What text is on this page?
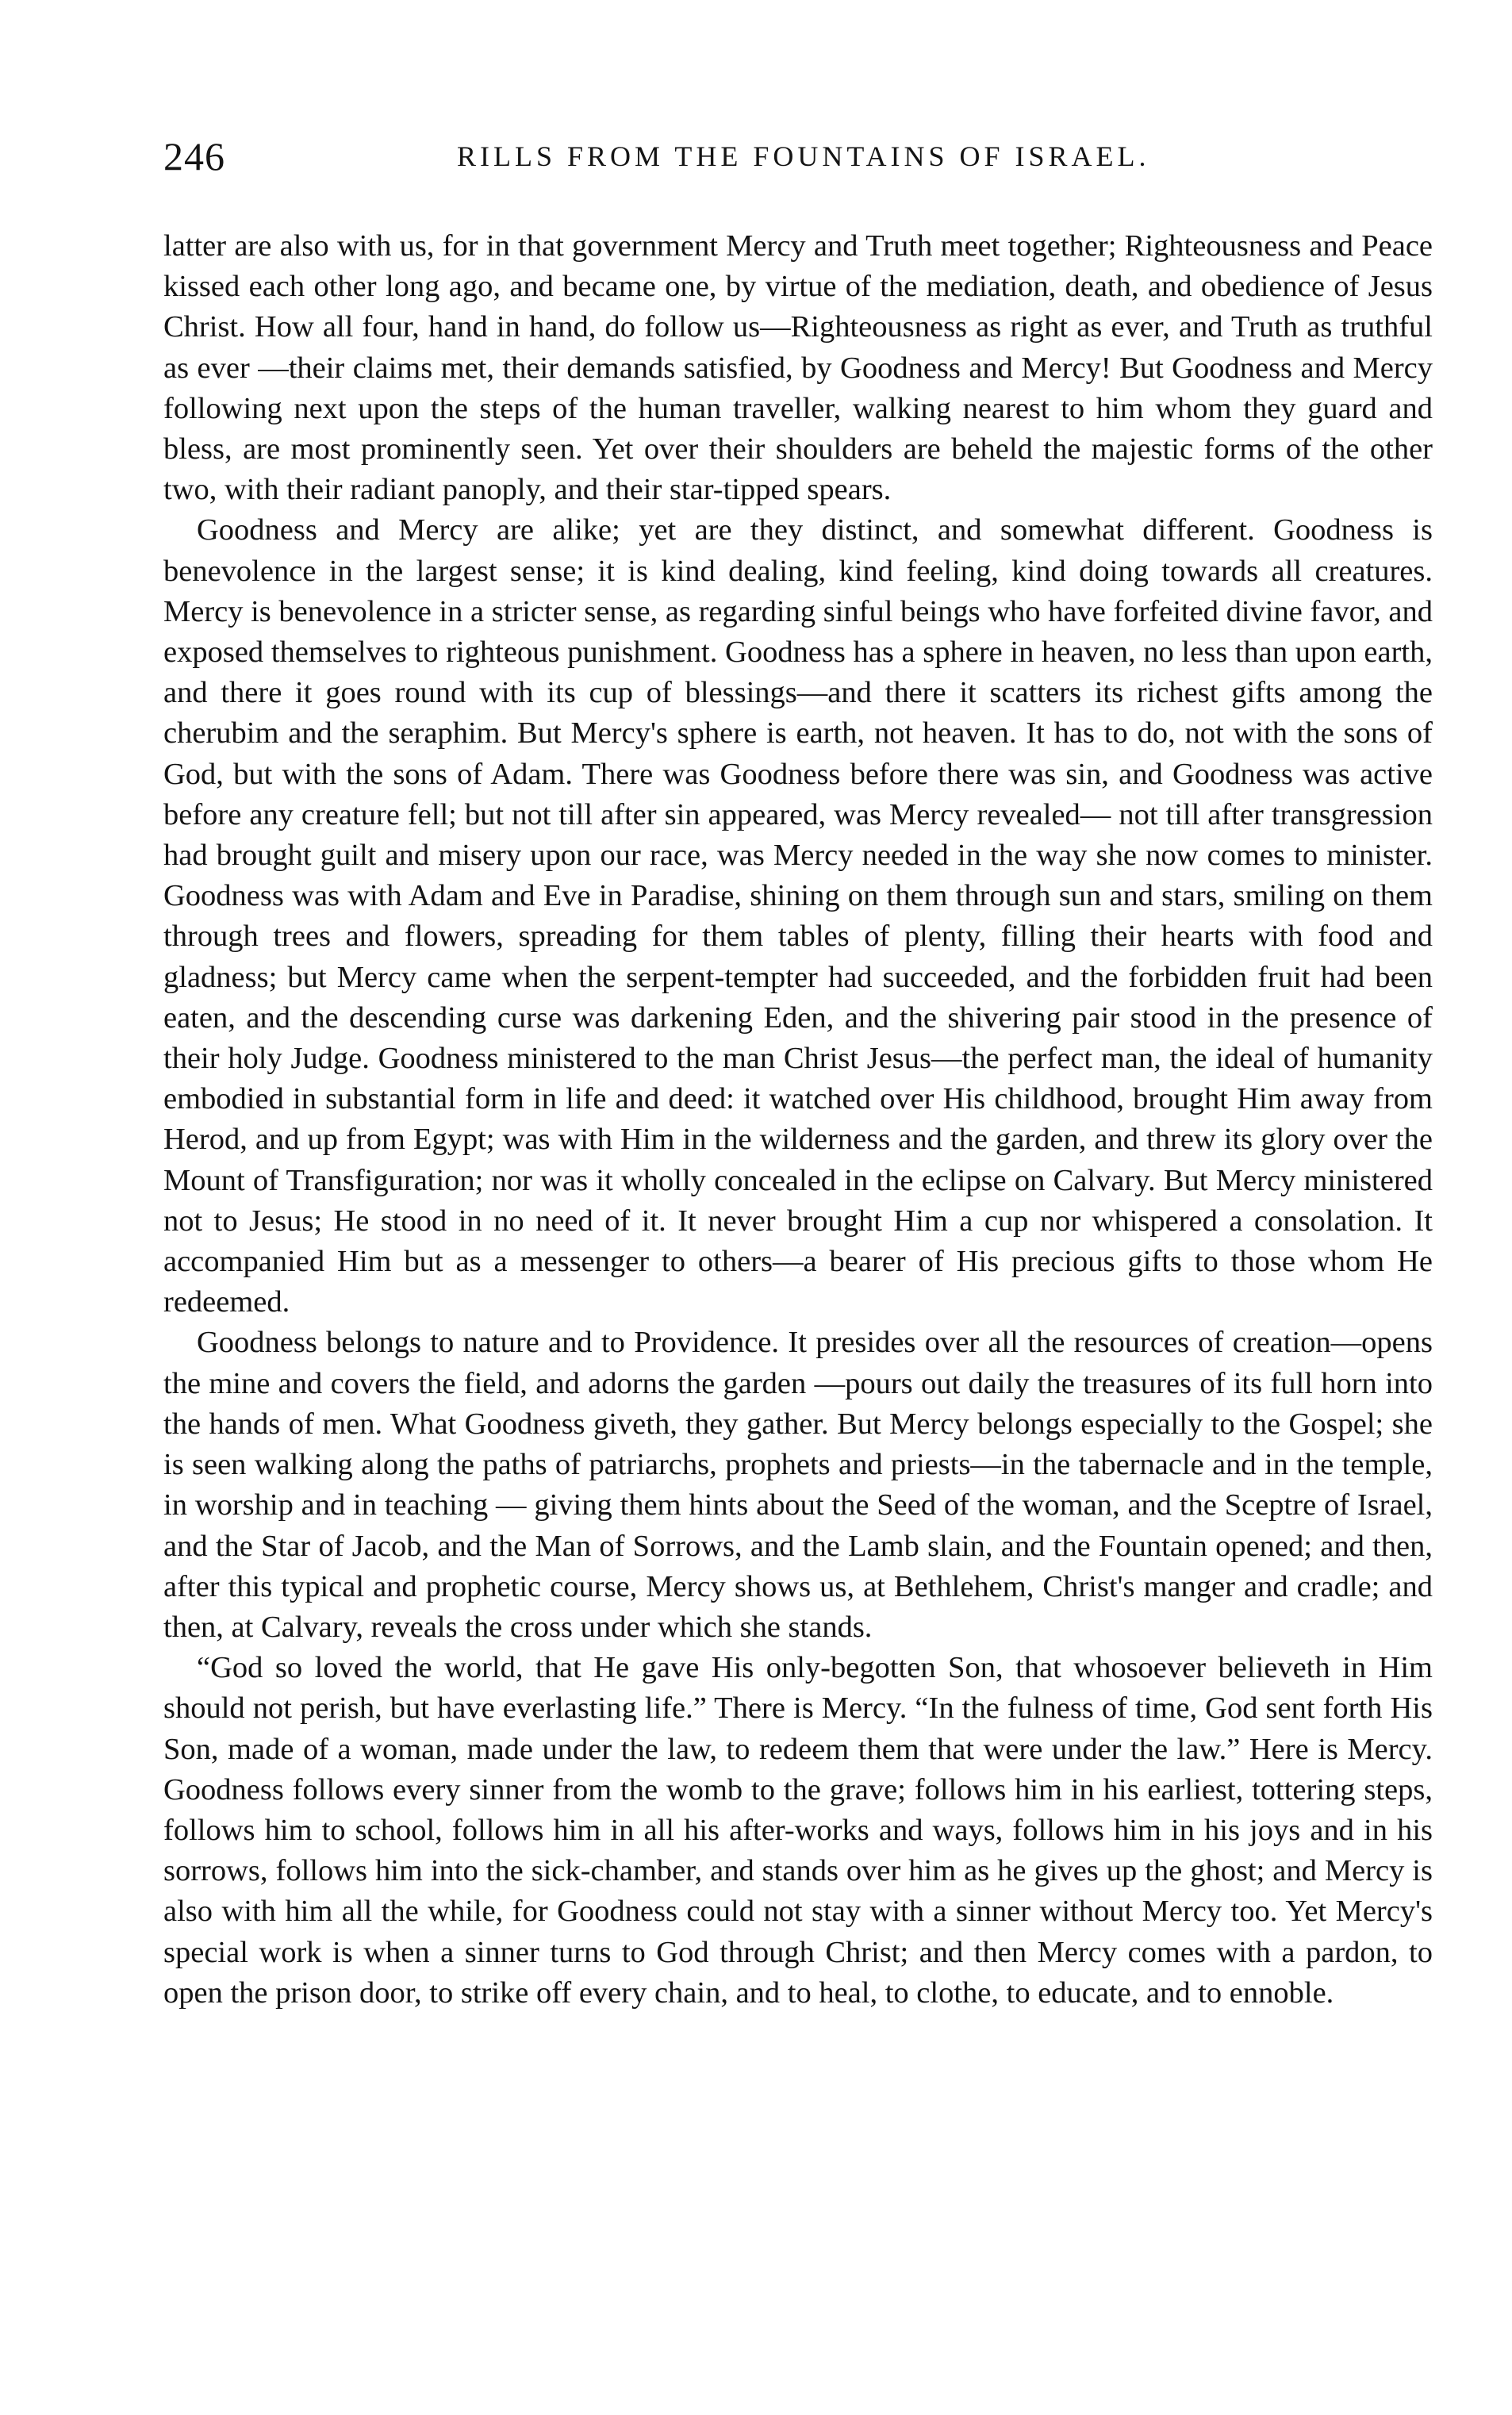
246	RILLS FROM THE FOUNTAINS OF ISRAEL.

latter are also with us, for in that government Mercy and Truth meet together; Righteousness and Peace kissed each other long ago, and became one, by virtue of the mediation, death, and obedience of Jesus Christ. How all four, hand in hand, do follow us—Righteousness as right as ever, and Truth as truthful as ever —their claims met, their demands satisfied, by Goodness and Mercy! But Goodness and Mercy following next upon the steps of the human traveller, walking nearest to him whom they guard and bless, are most prominently seen. Yet over their shoulders are beheld the majestic forms of the other two, with their radiant panoply, and their star-tipped spears.

Goodness and Mercy are alike; yet are they distinct, and somewhat different. Goodness is benevolence in the largest sense; it is kind dealing, kind feeling, kind doing towards all creatures. Mercy is benevolence in a stricter sense, as regarding sinful beings who have forfeited divine favor, and exposed themselves to righteous punishment. Goodness has a sphere in heaven, no less than upon earth, and there it goes round with its cup of blessings—and there it scatters its richest gifts among the cherubim and the seraphim. But Mercy's sphere is earth, not heaven. It has to do, not with the sons of God, but with the sons of Adam. There was Goodness before there was sin, and Goodness was active before any creature fell; but not till after sin appeared, was Mercy revealed— not till after transgression had brought guilt and misery upon our race, was Mercy needed in the way she now comes to minister. Goodness was with Adam and Eve in Paradise, shining on them through sun and stars, smiling on them through trees and flowers, spreading for them tables of plenty, filling their hearts with food and gladness; but Mercy came when the serpent-tempter had succeeded, and the forbidden fruit had been eaten, and the descending curse was darkening Eden, and the shivering pair stood in the presence of their holy Judge. Goodness ministered to the man Christ Jesus—the perfect man, the ideal of humanity embodied in substantial form in life and deed: it watched over His childhood, brought Him away from Herod, and up from Egypt; was with Him in the wilderness and the garden, and threw its glory over the Mount of Transfiguration; nor was it wholly concealed in the eclipse on Calvary. But Mercy ministered not to Jesus; He stood in no need of it. It never brought Him a cup nor whispered a consolation. It accompanied Him but as a messenger to others—a bearer of His precious gifts to those whom He redeemed.

Goodness belongs to nature and to Providence. It presides over all the resources of creation—opens the mine and covers the field, and adorns the garden —pours out daily the treasures of its full horn into the hands of men. What Goodness giveth, they gather. But Mercy belongs especially to the Gospel; she is seen walking along the paths of patriarchs, prophets and priests—in the tabernacle and in the temple, in worship and in teaching — giving them hints about the Seed of the woman, and the Sceptre of Israel, and the Star of Jacob, and the Man of Sorrows, and the Lamb slain, and the Fountain opened; and then, after this typical and prophetic course, Mercy shows us, at Bethlehem, Christ's manger and cradle; and then, at Calvary, reveals the cross under which she stands.

“God so loved the world, that He gave His only-begotten Son, that whosoever believeth in Him should not perish, but have everlasting life.” There is Mercy. “In the fulness of time, God sent forth His Son, made of a woman, made under the law, to redeem them that were under the law.” Here is Mercy. Goodness follows every sinner from the womb to the grave; follows him in his earliest, tottering steps, follows him to school, follows him in all his after-works and ways, follows him in his joys and in his sorrows, follows him into the sick-chamber, and stands over him as he gives up the ghost; and Mercy is also with him all the while, for Goodness could not stay with a sinner without Mercy too. Yet Mercy's special work is when a sinner turns to God through Christ; and then Mercy comes with a pardon, to open the prison door, to strike off every chain, and to heal, to clothe, to educate, and to ennoble.
